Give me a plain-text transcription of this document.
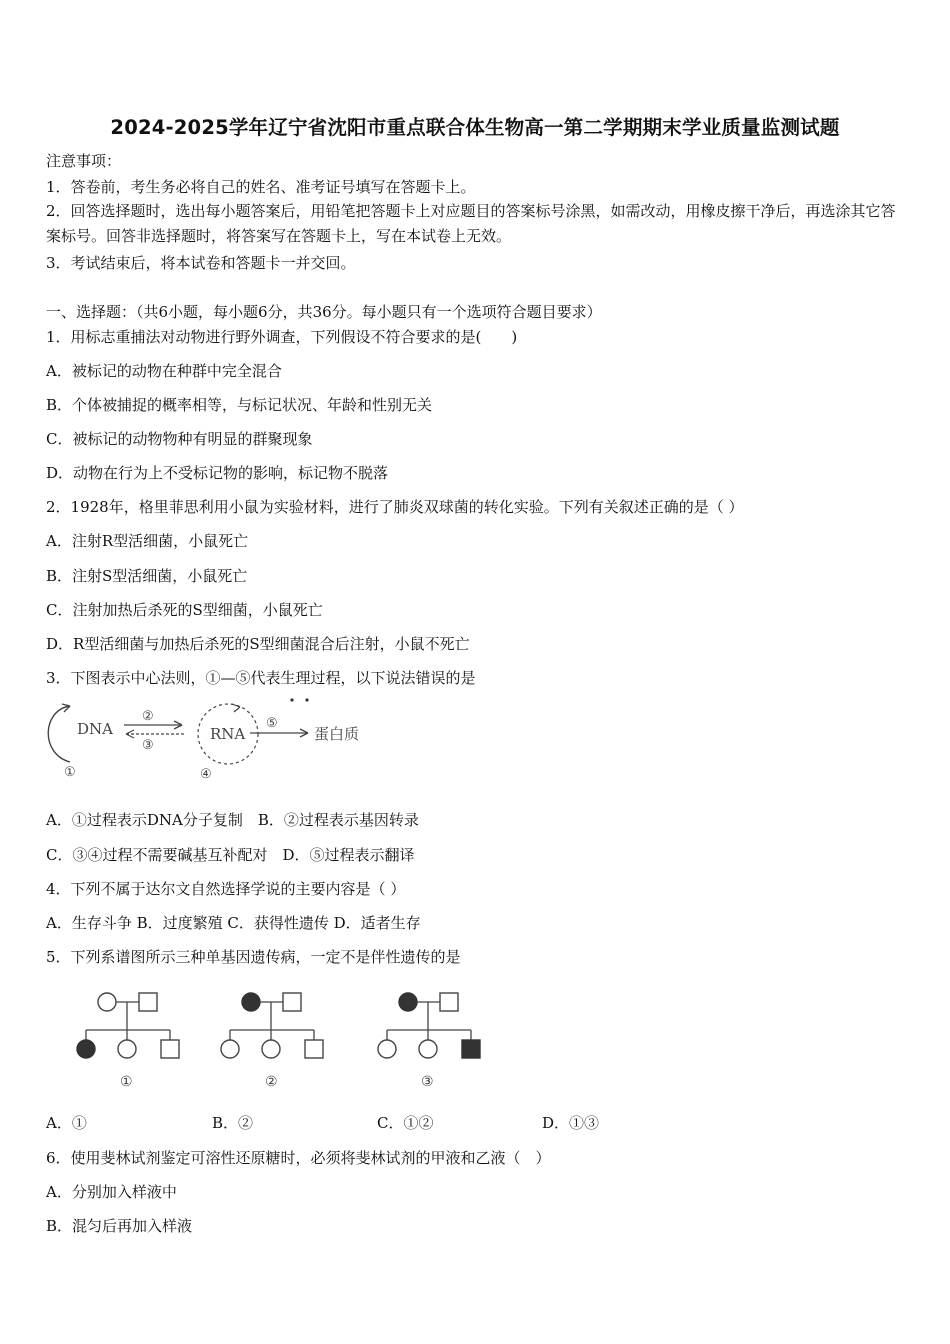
2024-2025学年辽宁省沈阳市重点联合体生物高一第二学期期末学业质量监测试题
注意事项：
1．答卷前，考生务必将自己的姓名、准考证号填写在答题卡上。
2．回答选择题时，选出每小题答案后，用铅笔把答题卡上对应题目的答案标号涂黑，如需改动，用橡皮擦干净后，再选涂其它答案标号。回答非选择题时，将答案写在答题卡上，写在本试卷上无效。
3．考试结束后，将本试卷和答题卡一并交回。
一、选择题：（共6小题，每小题6分，共36分。每小题只有一个选项符合题目要求）
1．用标志重捕法对动物进行野外调查，下列假设不符合要求的是(　　)
A．被标记的动物在种群中完全混合
B．个体被捕捉的概率相等，与标记状况、年龄和性别无关
C．被标记的动物物种有明显的群聚现象
D．动物在行为上不受标记物的影响，标记物不脱落
2．1928年，格里菲思利用小鼠为实验材料，进行了肺炎双球菌的转化实验。下列有关叙述正确的是（ ）
A．注射R型活细菌，小鼠死亡
B．注射S型活细菌，小鼠死亡
C．注射加热后杀死的S型细菌，小鼠死亡
D．R型活细菌与加热后杀死的S型细菌混合后注射，小鼠不死亡
3．下图表示中心法则，①—⑤代表生理过程，以下说法错误的是
DNA
①
②
③
RNA
④
⑤
蛋白质
A．①过程表示DNA分子复制　B．②过程表示基因转录
C．③④过程不需要碱基互补配对　D．⑤过程表示翻译
4．下列不属于达尔文自然选择学说的主要内容是（ ）
A．生存斗争 B．过度繁殖 C．获得性遗传 D．适者生存
5．下列系谱图所示三种单基因遗传病，一定不是伴性遗传的是
①	②	③
A．①	B．②	C．①②	D．①③
6．使用斐林试剂鉴定可溶性还原糖时，必须将斐林试剂的甲液和乙液（　）
A．分别加入样液中
B．混匀后再加入样液
